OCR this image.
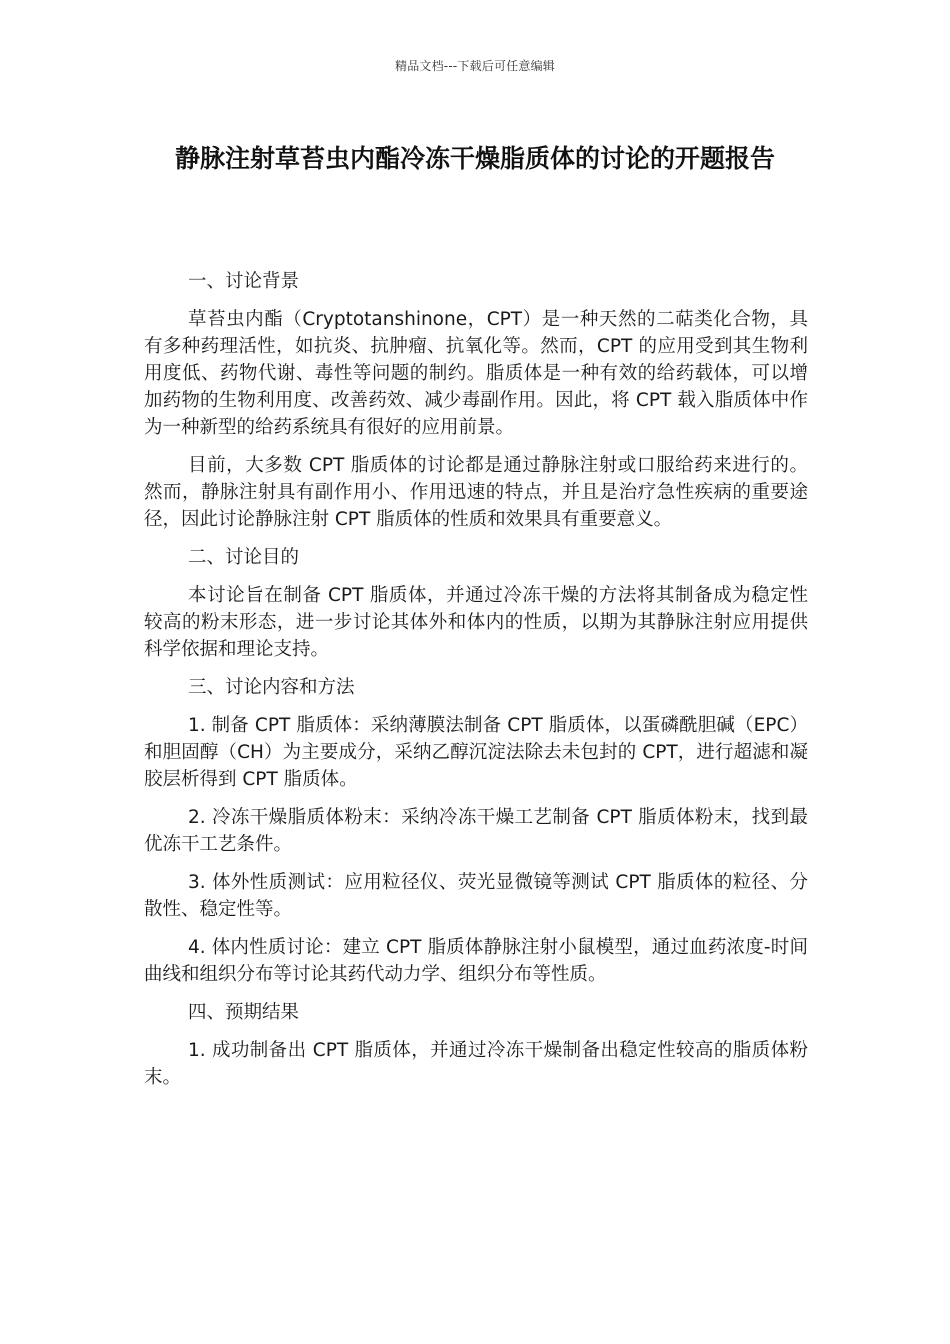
精品文档---下载后可任意编辑
静脉注射草苔虫内酯冷冻干燥脂质体的讨论的开题报告

一、讨论背景

草苔虫内酯（Cryptotanshinone，CPT）是一种天然的二萜类化合物，具有多种药理活性，如抗炎、抗肿瘤、抗氧化等。然而，CPT 的应用受到其生物利用度低、药物代谢、毒性等问题的制约。脂质体是一种有效的给药载体，可以增加药物的生物利用度、改善药效、减少毒副作用。因此，将 CPT 载入脂质体中作为一种新型的给药系统具有很好的应用前景。

目前，大多数 CPT 脂质体的讨论都是通过静脉注射或口服给药来进行的。然而，静脉注射具有副作用小、作用迅速的特点，并且是治疗急性疾病的重要途径，因此讨论静脉注射 CPT 脂质体的性质和效果具有重要意义。

二、讨论目的

本讨论旨在制备 CPT 脂质体，并通过冷冻干燥的方法将其制备成为稳定性较高的粉末形态，进一步讨论其体外和体内的性质，以期为其静脉注射应用提供科学依据和理论支持。

三、讨论内容和方法

1. 制备 CPT 脂质体：采纳薄膜法制备 CPT 脂质体，以蛋磷酰胆碱（EPC）和胆固醇（CH）为主要成分，采纳乙醇沉淀法除去未包封的 CPT，进行超滤和凝胶层析得到 CPT 脂质体。

2. 冷冻干燥脂质体粉末：采纳冷冻干燥工艺制备 CPT 脂质体粉末，找到最优冻干工艺条件。

3. 体外性质测试：应用粒径仪、荧光显微镜等测试 CPT 脂质体的粒径、分散性、稳定性等。

4. 体内性质讨论：建立 CPT 脂质体静脉注射小鼠模型，通过血药浓度-时间曲线和组织分布等讨论其药代动力学、组织分布等性质。

四、预期结果

1. 成功制备出 CPT 脂质体，并通过冷冻干燥制备出稳定性较高的脂质体粉末。
